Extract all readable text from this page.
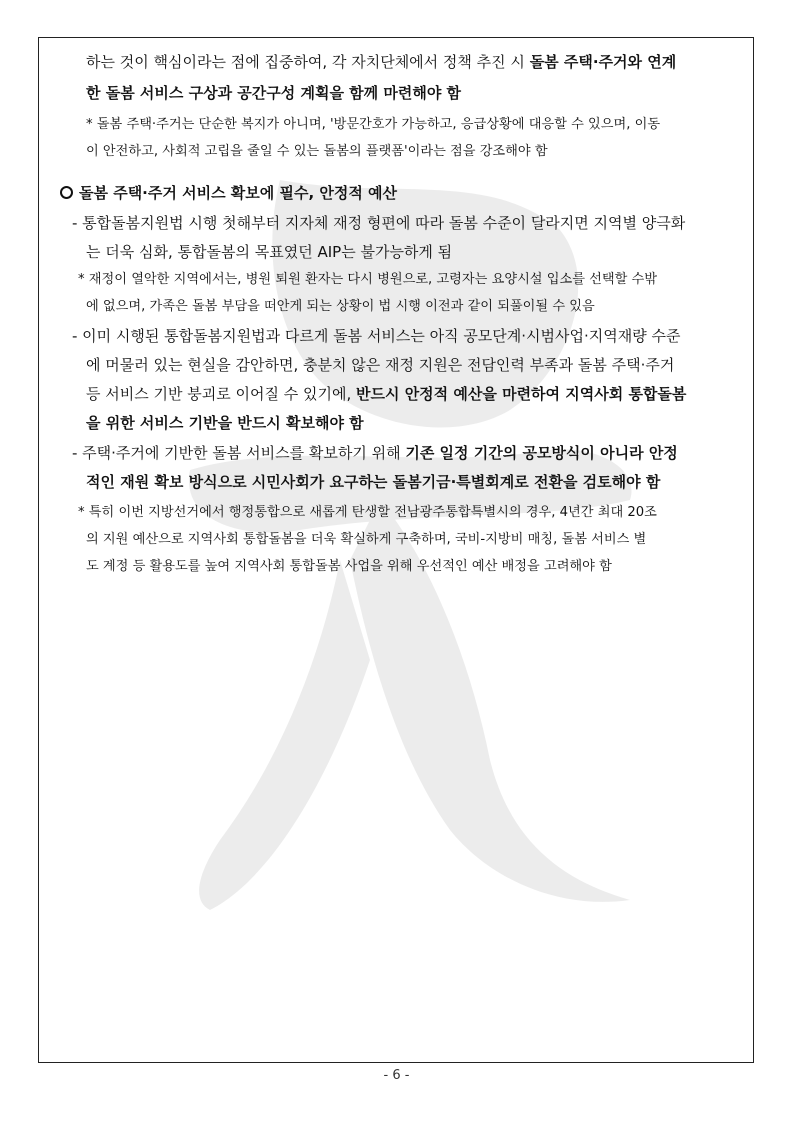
하는 것이 핵심이라는 점에 집중하여, 각 자치단체에서 정책 추진 시 돌봄 주택·주거와 연계
한 돌봄 서비스 구상과 공간구성 계획을 함께 마련해야 함
* 돌봄 주택·주거는 단순한 복지가 아니며, '방문간호가 가능하고, 응급상황에 대응할 수 있으며, 이동
이 안전하고, 사회적 고립을 줄일 수 있는 돌봄의 플랫폼'이라는 점을 강조해야 함
돌봄 주택·주거 서비스 확보에 필수, 안정적 예산
- 통합돌봄지원법 시행 첫해부터 지자체 재정 형편에 따라 돌봄 수준이 달라지면 지역별 양극화
는 더욱 심화, 통합돌봄의 목표였던 AIP는 불가능하게 됨
* 재정이 열악한 지역에서는, 병원 퇴원 환자는 다시 병원으로, 고령자는 요양시설 입소를 선택할 수밖
에 없으며, 가족은 돌봄 부담을 떠안게 되는 상황이 법 시행 이전과 같이 되풀이될 수 있음
- 이미 시행된 통합돌봄지원법과 다르게 돌봄 서비스는 아직 공모단계·시범사업·지역재량 수준
에 머물러 있는 현실을 감안하면, 충분치 않은 재정 지원은 전담인력 부족과 돌봄 주택·주거
등 서비스 기반 붕괴로 이어질 수 있기에, 반드시 안정적 예산을 마련하여 지역사회 통합돌봄
을 위한 서비스 기반을 반드시 확보해야 함
- 주택·주거에 기반한 돌봄 서비스를 확보하기 위해 기존 일정 기간의 공모방식이 아니라 안정
적인 재원 확보 방식으로 시민사회가 요구하는 돌봄기금·특별회계로 전환을 검토해야 함
* 특히 이번 지방선거에서 행정통합으로 새롭게 탄생할 전남광주통합특별시의 경우, 4년간 최대 20조
의 지원 예산으로 지역사회 통합돌봄을 더욱 확실하게 구축하며, 국비-지방비 매칭, 돌봄 서비스 별
도 계정 등 활용도를 높여 지역사회 통합돌봄 사업을 위해 우선적인 예산 배정을 고려해야 함
- 6 -
